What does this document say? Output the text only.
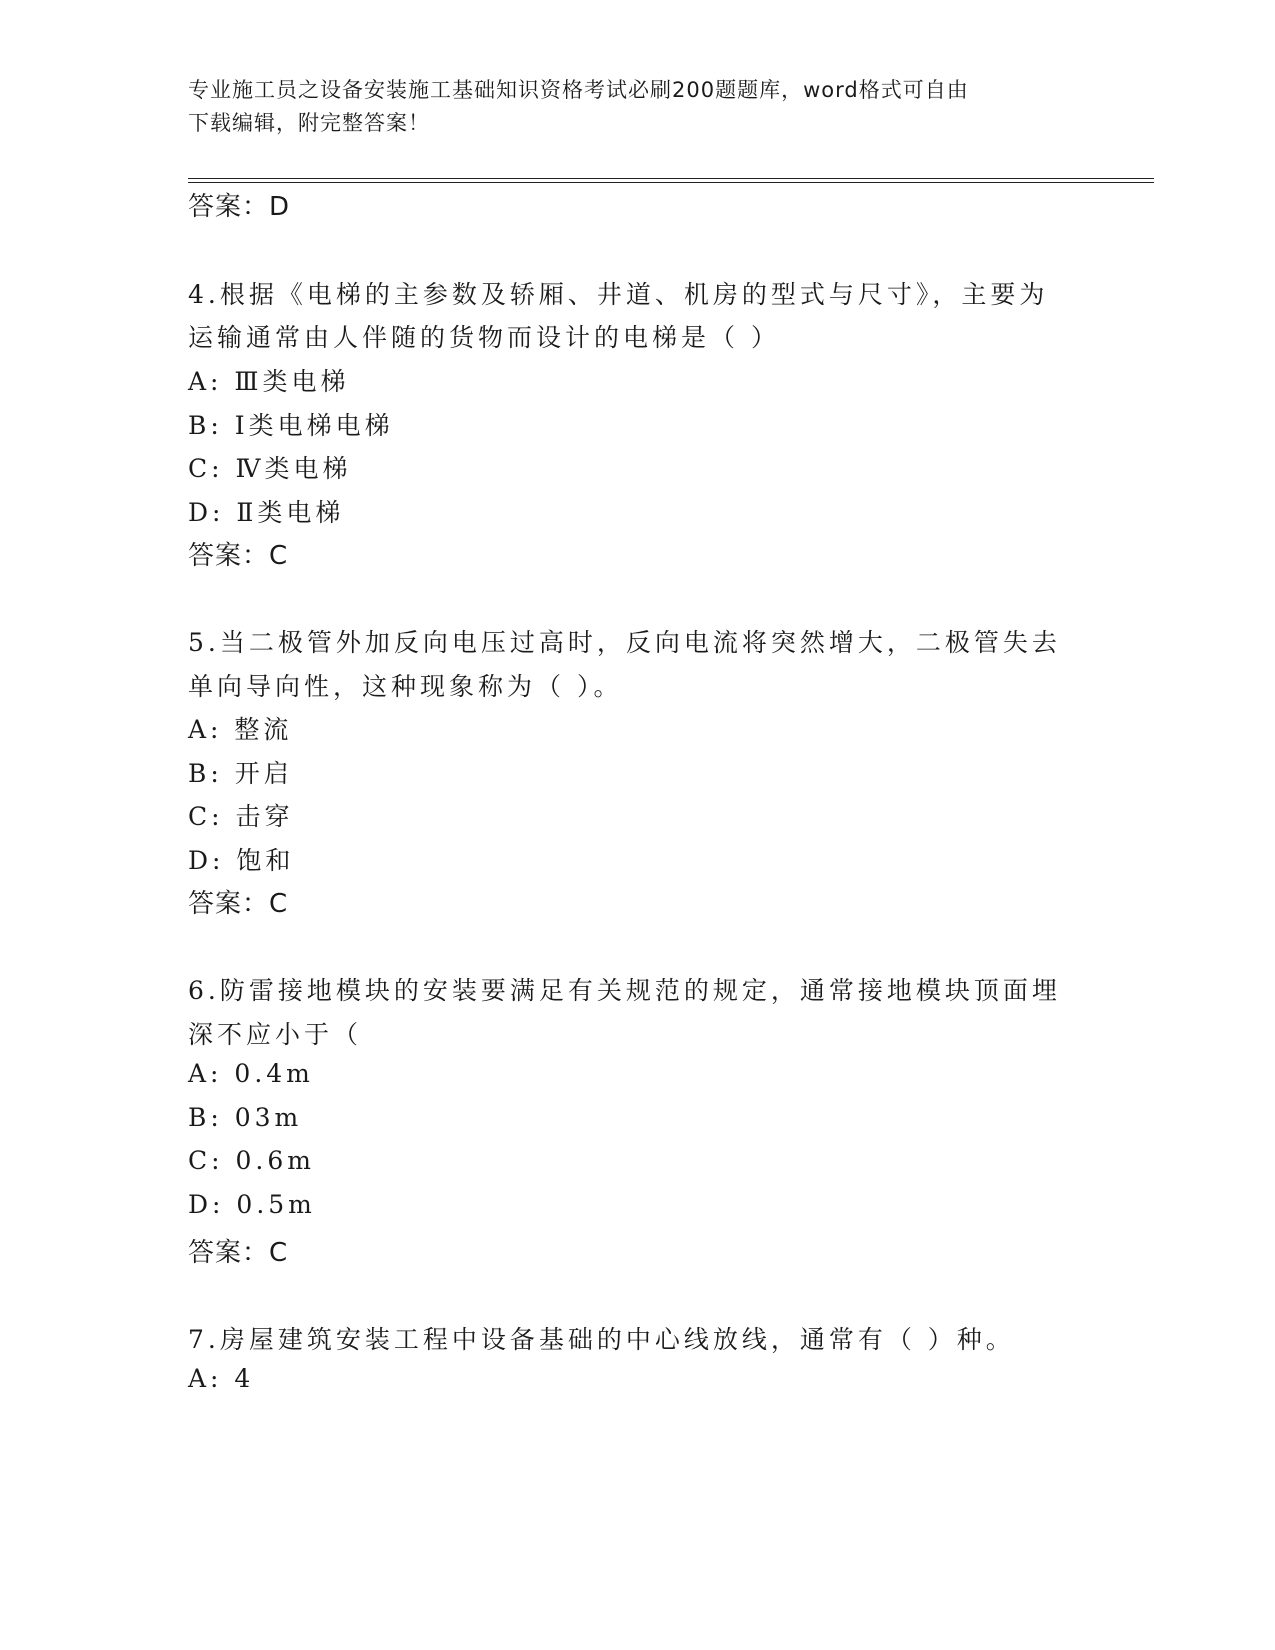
专业施工员之设备安装施工基础知识资格考试必刷200题题库，word格式可自由
下载编辑，附完整答案！
答案：D
4.根据《电梯的主参数及轿厢、井道、机房的型式与尺寸》，主要为
运输通常由人伴随的货物而设计的电梯是（ ）
A: Ⅲ类电梯
B: Ⅰ类电梯电梯
C: Ⅳ类电梯
D: Ⅱ类电梯
答案：C
5.当二极管外加反向电压过高时，反向电流将突然增大，二极管失去
单向导向性，这种现象称为（ ）。
A: 整流
B: 开启
C: 击穿
D: 饱和
答案：C
6.防雷接地模块的安装要满足有关规范的规定，通常接地模块顶面埋
深不应小于（
A: 0.4m
B: 03m
C: 0.6m
D: 0.5m
答案：C
7.房屋建筑安装工程中设备基础的中心线放线，通常有（ ）种。
A: 4
